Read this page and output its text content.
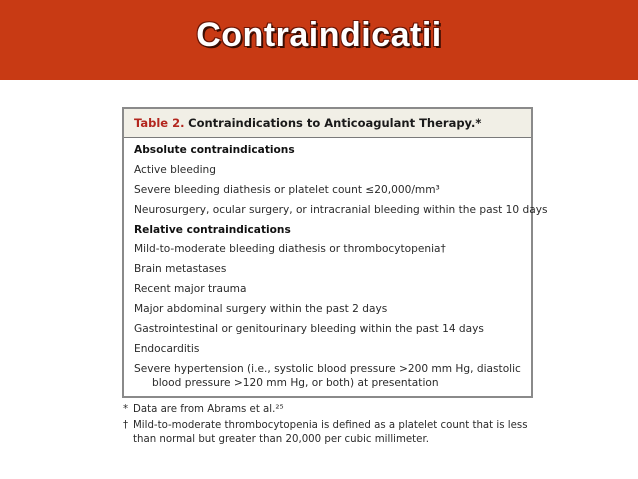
Contraindicatii
Table 2. Contraindications to Anticoagulant Therapy.*
Absolute contraindications
Active bleeding
Severe bleeding diathesis or platelet count ≤20,000/mm³
Neurosurgery, ocular surgery, or intracranial bleeding within the past 10 days
Relative contraindications
Mild-to-moderate bleeding diathesis or thrombocytopenia†
Brain metastases
Recent major trauma
Major abdominal surgery within the past 2 days
Gastrointestinal or genitourinary bleeding within the past 14 days
Endocarditis
Severe hypertension (i.e., systolic blood pressure >200 mm Hg, diastolic
blood pressure >120 mm Hg, or both) at presentation
* Data are from Abrams et al.²⁵
† Mild-to-moderate thrombocytopenia is defined as a platelet count that is less
than normal but greater than 20,000 per cubic millimeter.
